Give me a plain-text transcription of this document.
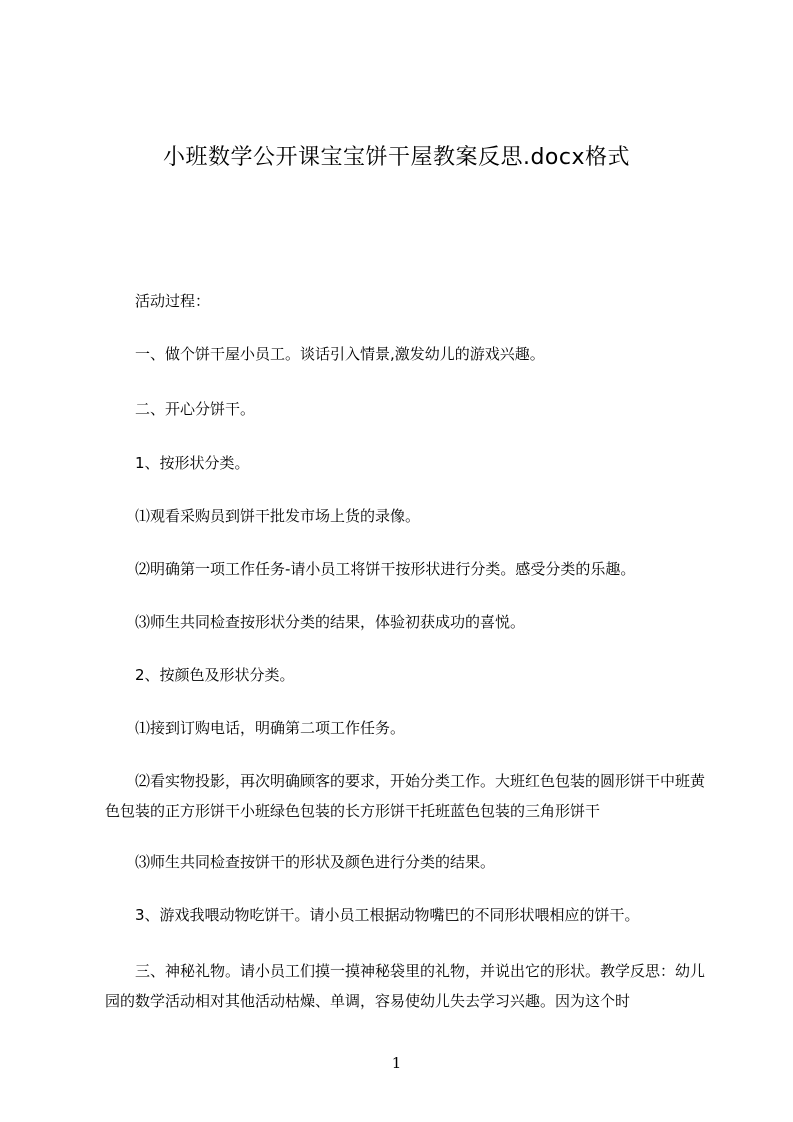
小班数学公开课宝宝饼干屋教案反思.docx格式
活动过程：
一、做个饼干屋小员工。谈话引入情景,激发幼儿的游戏兴趣。
二、开心分饼干。
1、按形状分类。
⑴观看采购员到饼干批发市场上货的录像。
⑵明确第一项工作任务-请小员工将饼干按形状进行分类。感受分类的乐趣。
⑶师生共同检查按形状分类的结果，体验初获成功的喜悦。
2、按颜色及形状分类。
⑴接到订购电话，明确第二项工作任务。
⑵看实物投影，再次明确顾客的要求，开始分类工作。大班红色包装的圆形饼干中班黄色包装的正方形饼干小班绿色包装的长方形饼干托班蓝色包装的三角形饼干
⑶师生共同检查按饼干的形状及颜色进行分类的结果。
3、游戏我喂动物吃饼干。请小员工根据动物嘴巴的不同形状喂相应的饼干。
三、神秘礼物。请小员工们摸一摸神秘袋里的礼物，并说出它的形状。教学反思：幼儿园的数学活动相对其他活动枯燥、单调，容易使幼儿失去学习兴趣。因为这个时
1
